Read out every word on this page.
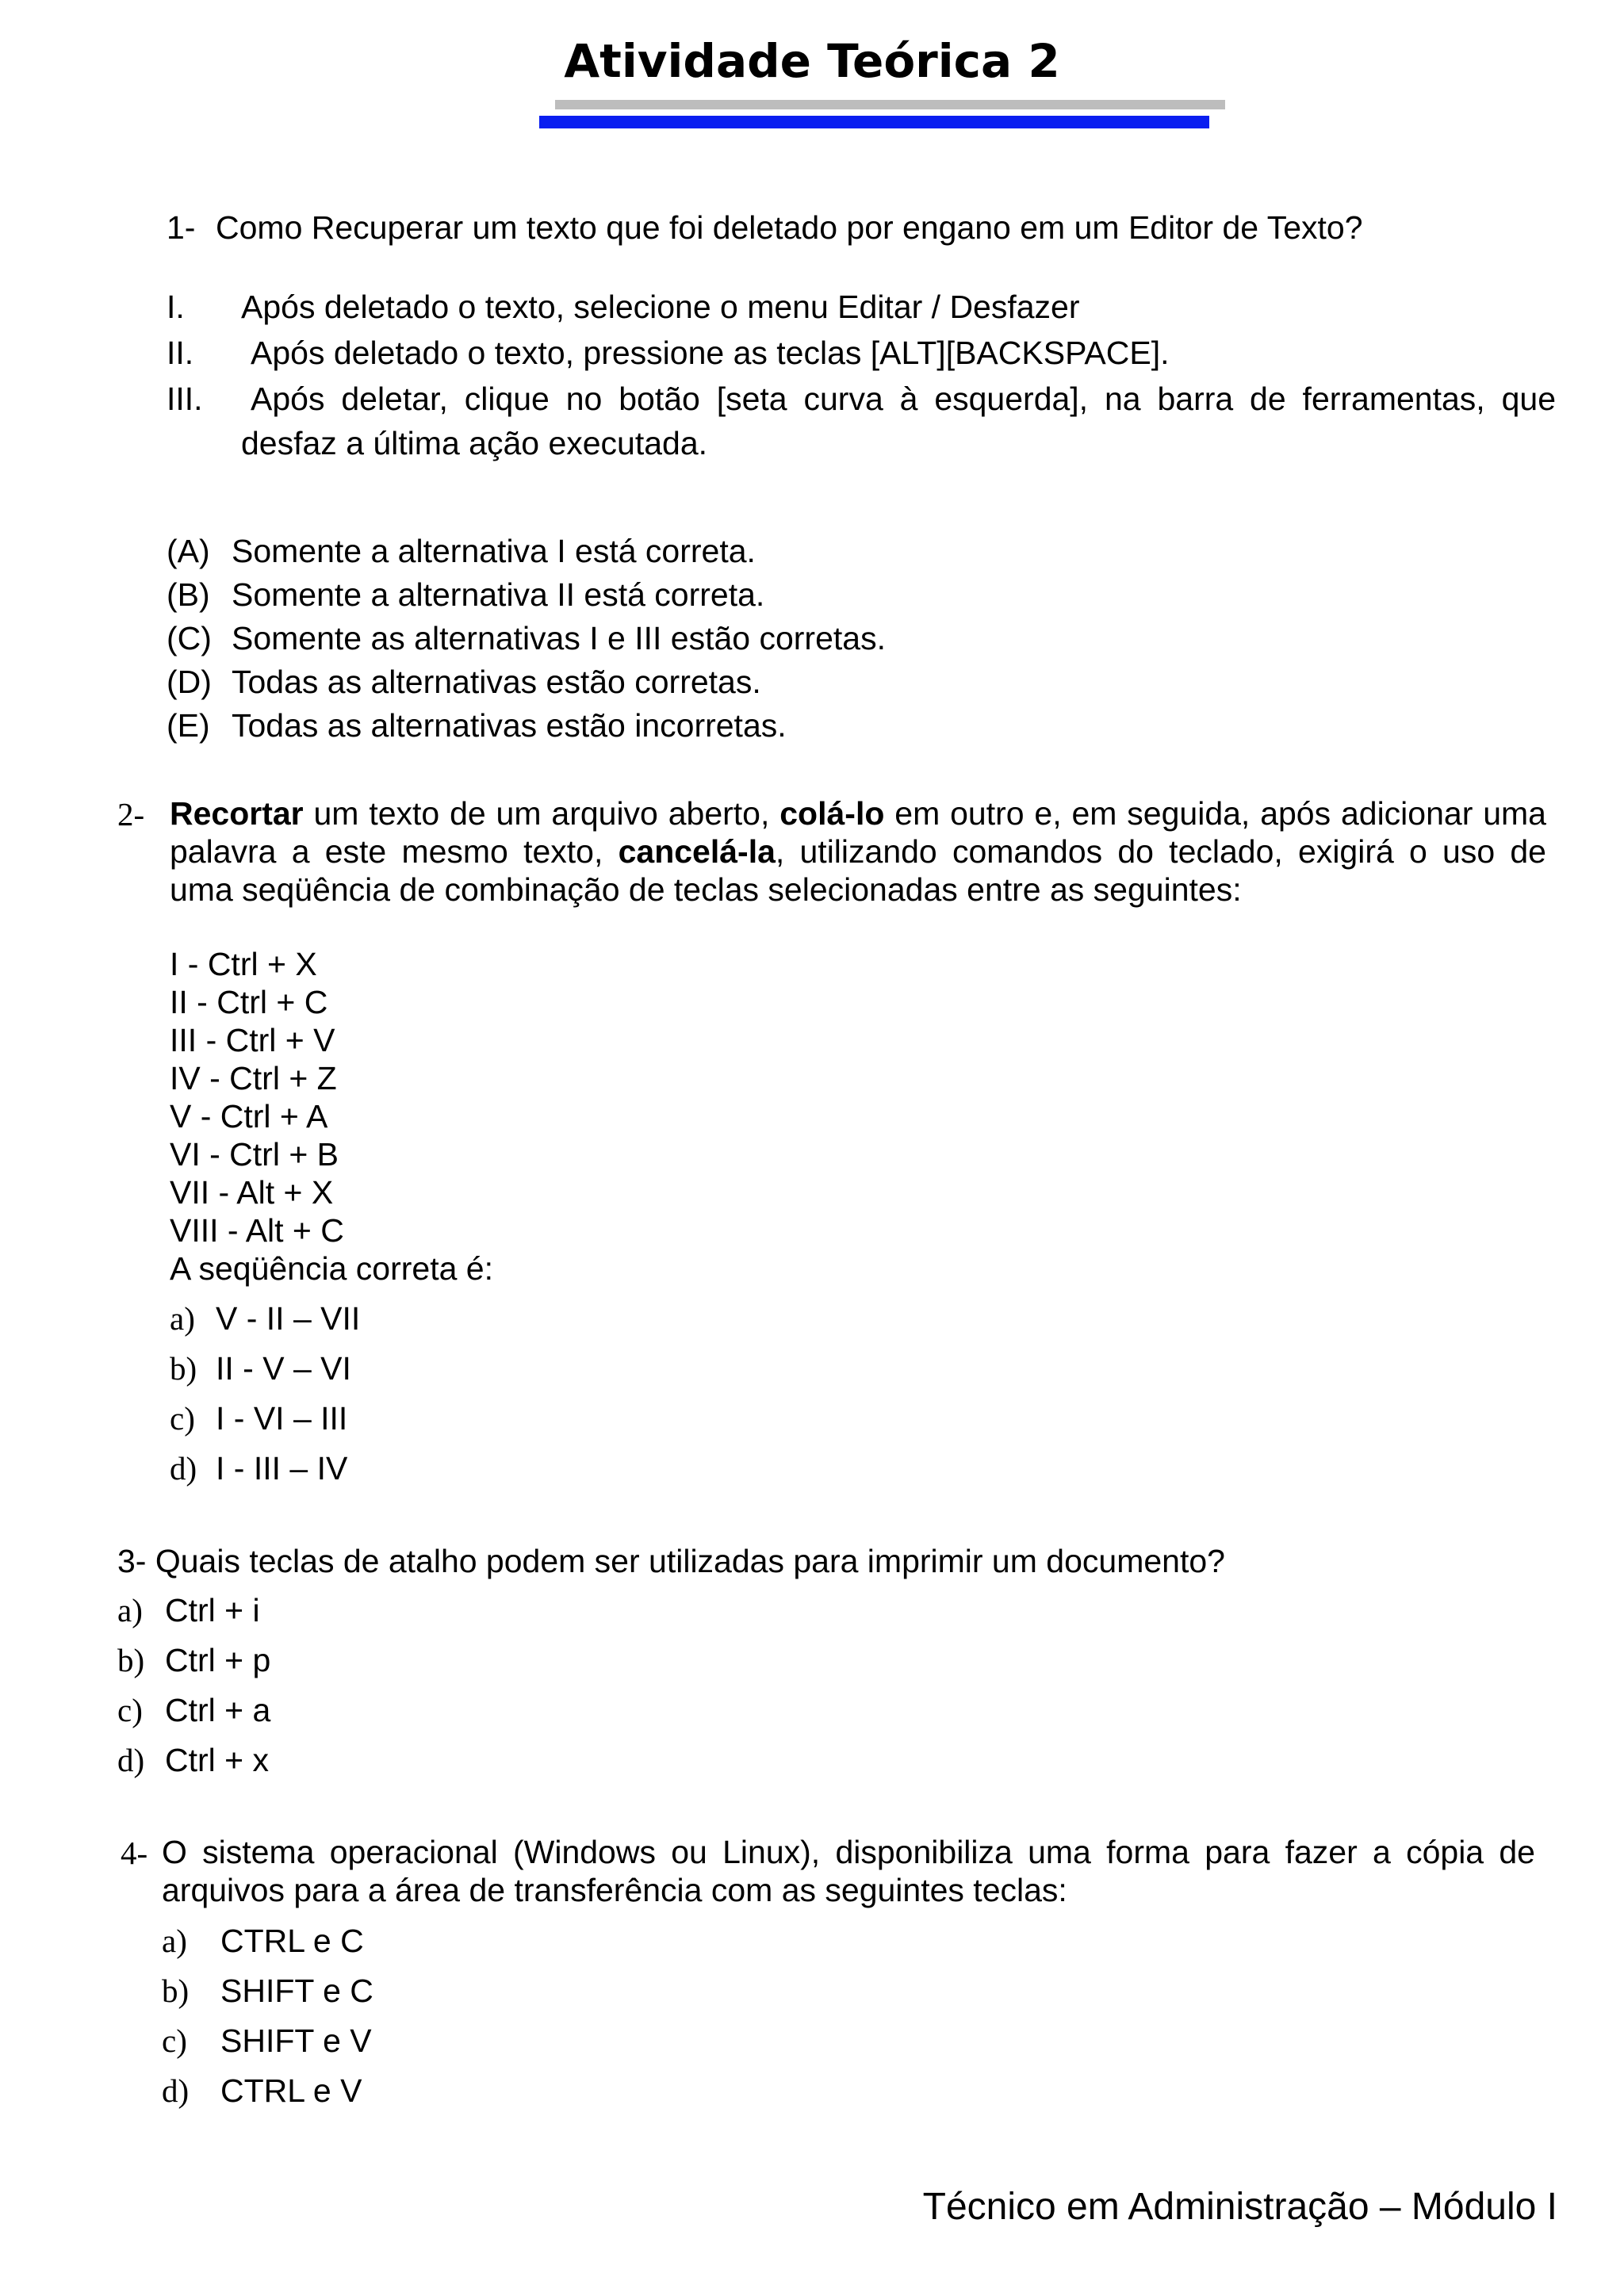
Atividade Teórica 2
1- Como Recuperar um texto que foi deletado por engano em um Editor de Texto?
I. Após deletado o texto, selecione o menu Editar / Desfazer
II. Após deletado o texto, pressione as teclas [ALT][BACKSPACE].
III. Após deletar, clique no botão [seta curva à esquerda], na barra de ferramentas, que
desfaz a última ação executada.
(A) Somente a alternativa I está correta.
(B) Somente a alternativa II está correta.
(C) Somente as alternativas I e III estão corretas.
(D) Todas as alternativas estão corretas.
(E) Todas as alternativas estão incorretas.
2- Recortar um texto de um arquivo aberto, colá-lo em outro e, em seguida, após adicionar uma
palavra a este mesmo texto, cancelá-la, utilizando comandos do teclado, exigirá o uso de
uma seqüência de combinação de teclas selecionadas entre as seguintes:
I - Ctrl + X
II - Ctrl + C
III - Ctrl + V
IV - Ctrl + Z
V - Ctrl + A
VI - Ctrl + B
VII - Alt + X
VIII - Alt + C
A seqüência correta é:
a) V - II – VII
b) II - V – VI
c) I - VI – III
d) I - III – IV
3- Quais teclas de atalho podem ser utilizadas para imprimir um documento?
a) Ctrl + i
b) Ctrl + p
c) Ctrl + a
d) Ctrl + x
4- O sistema operacional (Windows ou Linux), disponibiliza uma forma para fazer a cópia de
arquivos para a área de transferência com as seguintes teclas:
a) CTRL e C
b) SHIFT e C
c) SHIFT e V
d) CTRL e V
Técnico em Administração – Módulo I
